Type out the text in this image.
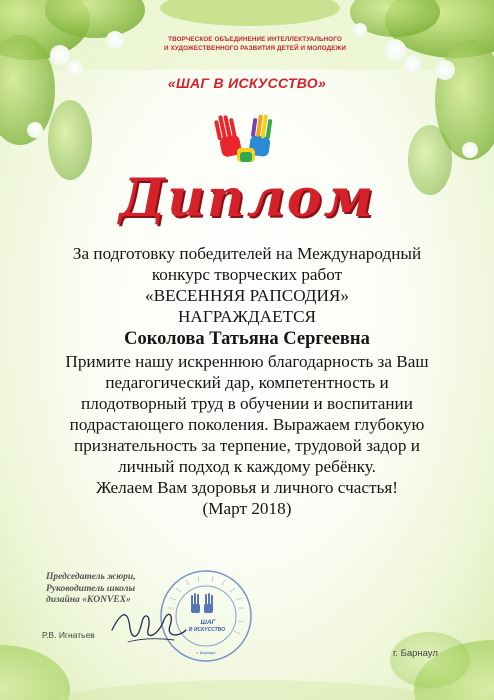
ТВОРЧЕСКОЕ ОБЪЕДИНЕНИЕ ИНТЕЛЛЕКТУАЛЬНОГО
И ХУДОЖЕСТВЕННОГО РАЗВИТИЯ ДЕТЕЙ И МОЛОДЕЖИ
«ШАГ В ИСКУССТВО»
Диплом
За подготовку победителей на Международный
конкурс творческих работ
«ВЕСЕННЯЯ РАПСОДИЯ»
НАГРАЖДАЕТСЯ
Соколова Татьяна Сергеевна
Примите нашу искреннюю благодарность за Ваш
педагогический дар, компетентность и
плодотворный труд в обучении и воспитании
подрастающего поколения. Выражаем глубокую
признательность за терпение, трудовой задор и
личный подход к каждому ребёнку.
Желаем Вам здоровья и личного счастья!
(Март 2018)
Председатель жюри,
Руководитель школы
дизайна «KONVEX»
ШАГ
В ИСКУССТВО
г. Барнаул
Р.В. Игнатьев
г. Барнаул
